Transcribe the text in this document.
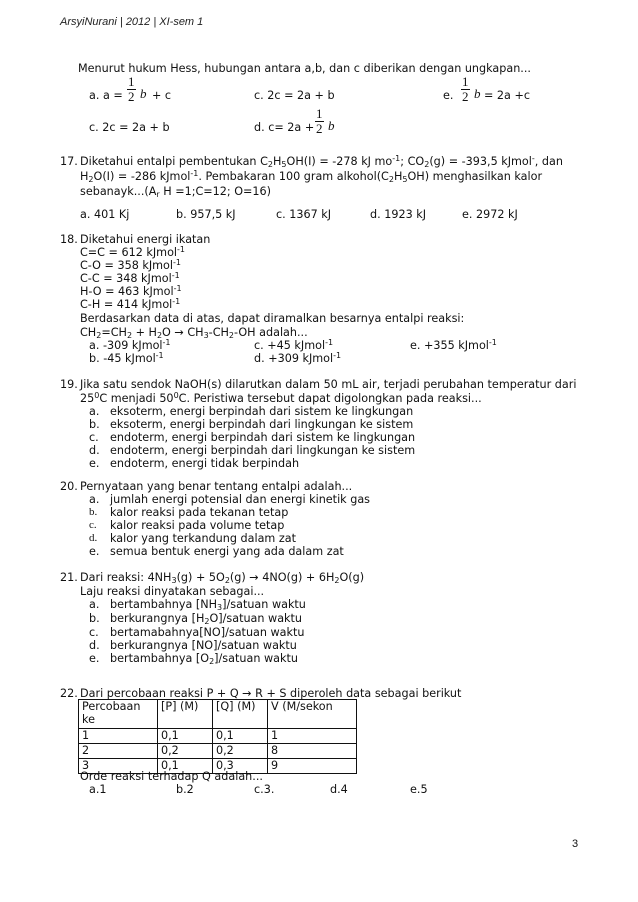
ArsyiNurani | 2012 | XI-sem 1
Menurut hukum Hess, hubungan antara a,b, dan c diberikan dengan ungkapan...
a. $a = \frac{1}{2}$ b + c	c. 2c = 2a + b	e. $\frac{1}{2}$ b = 2a +c
c. 2c = 2a + b	d. $c= 2a + \frac{1}{2}$ b
17. Diketahui entalpi pembentukan $C_2H_5OH(I) = -278$ kJ $mo^{-1}$; $CO_2(g) = -393,5$ kJmol-, dan
$H_2O(I) = -286$ kJmol$^{-1}$. Pembakaran 100 gram $alkohol(C_2H_5OH)$ menghasilkan kalor
$sebanayk...(A_r$ H =1;C=12; O=16)
a. 401 Kj	b. 957,5 kJ	c. 1367 kJ	d. 1923 kJ	e. 2972 kJ
18. Diketahui energi ikatan
C=C = 612 kJmol$^{-1}$
C-O = 358 kJmol$^{-1}$
C-C = 348 kJmol$^{-1}$
H-O = 463 kJmol$^{-1}$
C-H = 414 kJmol$^{-1}$
Berdasarkan data di atas, dapat diramalkan besarnya entalpi reaksi:
$CH_2=CH_2 + H_2O \to CH_3-CH_2-OH$ adalah...
a. -309 kJmol$^{-1}$	c. +45 kJmol$^{-1}$	e. +355 kJmol$^{-1}$
b. -45 kJmol$^{-1}$	d. +309 kJmol$^{-1}$
19. Jika satu sendok NaOH(s) dilarutkan dalam 50 mL air, terjadi perubahan temperatur dari
$25^0C$ menjadi $50^0C$. Peristiwa tersebut dapat digolongkan pada reaksi...
a. eksoterm, energi berpindah dari sistem ke lingkungan
b. eksoterm, energi berpindah dari lingkungan ke sistem
c. endoterm, energi berpindah dari sistem ke lingkungan
d. endoterm, energi berpindah dari lingkungan ke sistem
e. endoterm, energi tidak berpindah
20. Pernyataan yang benar tentang entalpi adalah...
a. jumlah energi potensial dan energi kinetik gas
b. kalor reaksi pada tekanan tetap
c. kalor reaksi pada volume tetap
d. kalor yang terkandung dalam zat
e. semua bentuk energi yang ada dalam zat
21. Dari reaksi: $4NH_3(g) + 5O_2(g) \to 4NO(g) + 6H_2O(g)$
Laju reaksi dinyatakan sebagai...
a. bertambahnya $[NH_3]$/satuan waktu
b. berkurangnya $[H_2O]$/satuan waktu
c. bertamabahnya[NO]/satuan waktu
d. berkurangnya [NO]/satuan waktu
e. bertambahnya $[O_2]$/satuan waktu
22. Dari percobaan reaksi P + Q → R + S diperoleh data sebagai berikut
Percobaan ke	[P] (M)	[Q] (M)	V (M/sekon
1	0,1	0,1	1
2	0,2	0,2	8
3	0,1	0,3	9
Orde reaksi terhadap Q adalah...
a.1	b.2	c.3.	d.4	e.5
3
